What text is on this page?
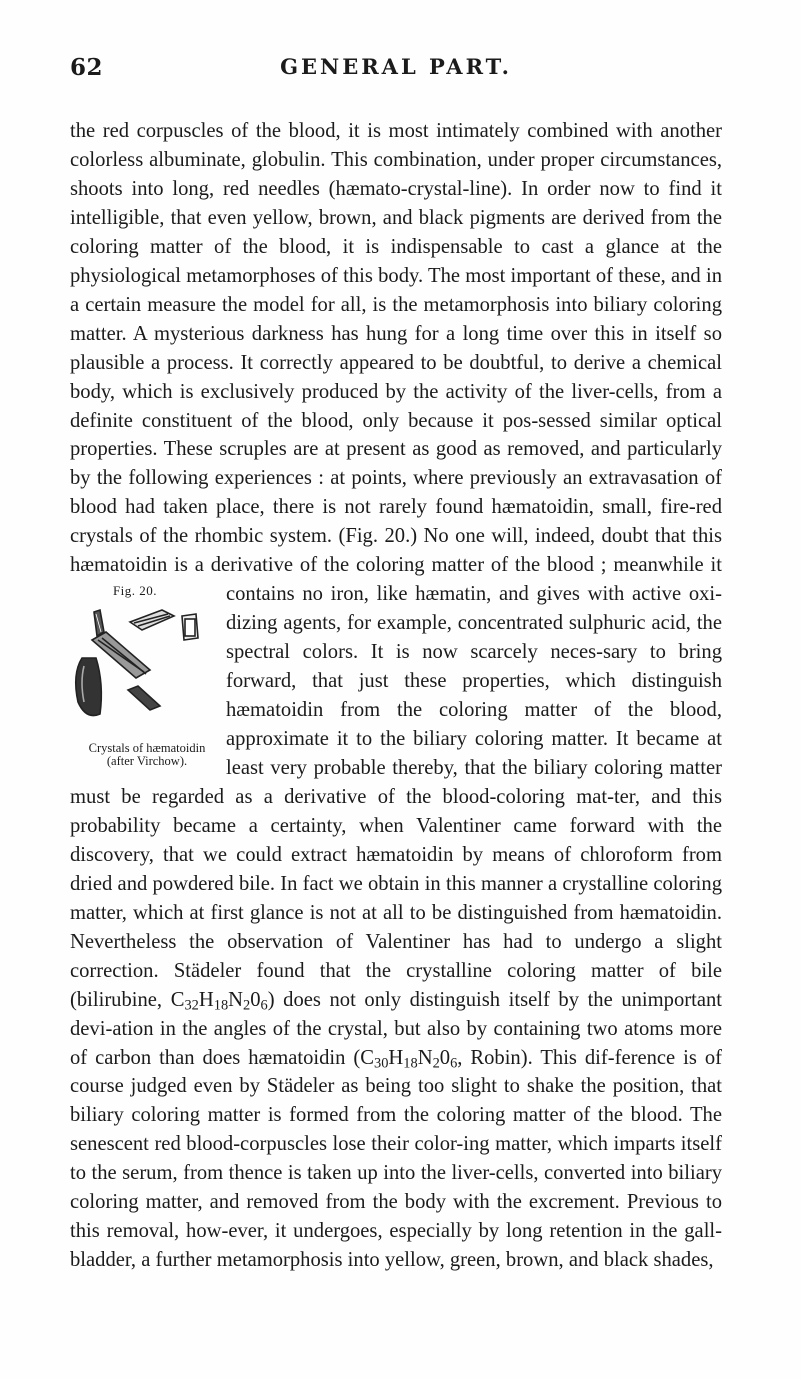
62	GENERAL PART.

the red corpuscles of the blood, it is most intimately combined with another colorless albuminate, globulin. This combination, under proper circumstances, shoots into long, red needles (hæmato-crystal-line). In order now to find it intelligible, that even yellow, brown, and black pigments are derived from the coloring matter of the blood, it is indispensable to cast a glance at the physiological metamorphoses of this body. The most important of these, and in a certain measure the model for all, is the metamorphosis into biliary coloring matter. A mysterious darkness has hung for a long time over this in itself so plausible a process. It correctly appeared to be doubtful, to derive a chemical body, which is exclusively produced by the activity of the liver-cells, from a definite constituent of the blood, only because it pos-sessed similar optical properties. These scruples are at present as good as removed, and particularly by the following experiences : at points, where previously an extravasation of blood had taken place, there is not rarely found hæmatoidin, small, fire-red crystals of the rhombic system. (Fig. 20.) No one will, indeed, doubt that this hæmatoidin is a derivative of the coloring matter of the blood ;
Fig. 20.
Crystals of hæmatoidin
(after Virchow).
meanwhile it contains no iron, like hæmatin, and gives with active oxi-dizing agents, for example, concentrated sulphuric acid, the spectral colors. It is now scarcely neces-sary to bring forward, that just these properties, which distinguish hæmatoidin from the coloring matter of the blood, approximate it to the biliary coloring matter. It became at least very probable thereby, that the biliary coloring matter must be regarded as a derivative of the blood-coloring mat-ter, and this probability became a certainty, when Valentiner came forward with the discovery, that we could extract hæmatoidin by means of chloroform from dried and powdered bile. In fact we obtain in this manner a crystalline coloring matter, which at first glance is not at all to be distinguished from hæmatoidin. Nevertheless the observation of Valentiner has had to undergo a slight correction. Städeler found that the crystalline coloring matter of bile (bilirubine, $C_{32}H_{18}N_20_6$) does not only distinguish itself by the unimportant devi-ation in the angles of the crystal, but also by containing two atoms more of carbon than does hæmatoidin ($C_{30}H_{18}N_20_6$, Robin). This dif-ference is of course judged even by Städeler as being too slight to shake the position, that biliary coloring matter is formed from the coloring matter of the blood. The senescent red blood-corpuscles lose their color-ing matter, which imparts itself to the serum, from thence is taken up into the liver-cells, converted into biliary coloring matter, and removed from the body with the excrement. Previous to this removal, how-ever, it undergoes, especially by long retention in the gall-bladder, a further metamorphosis into yellow, green, brown, and black shades,
